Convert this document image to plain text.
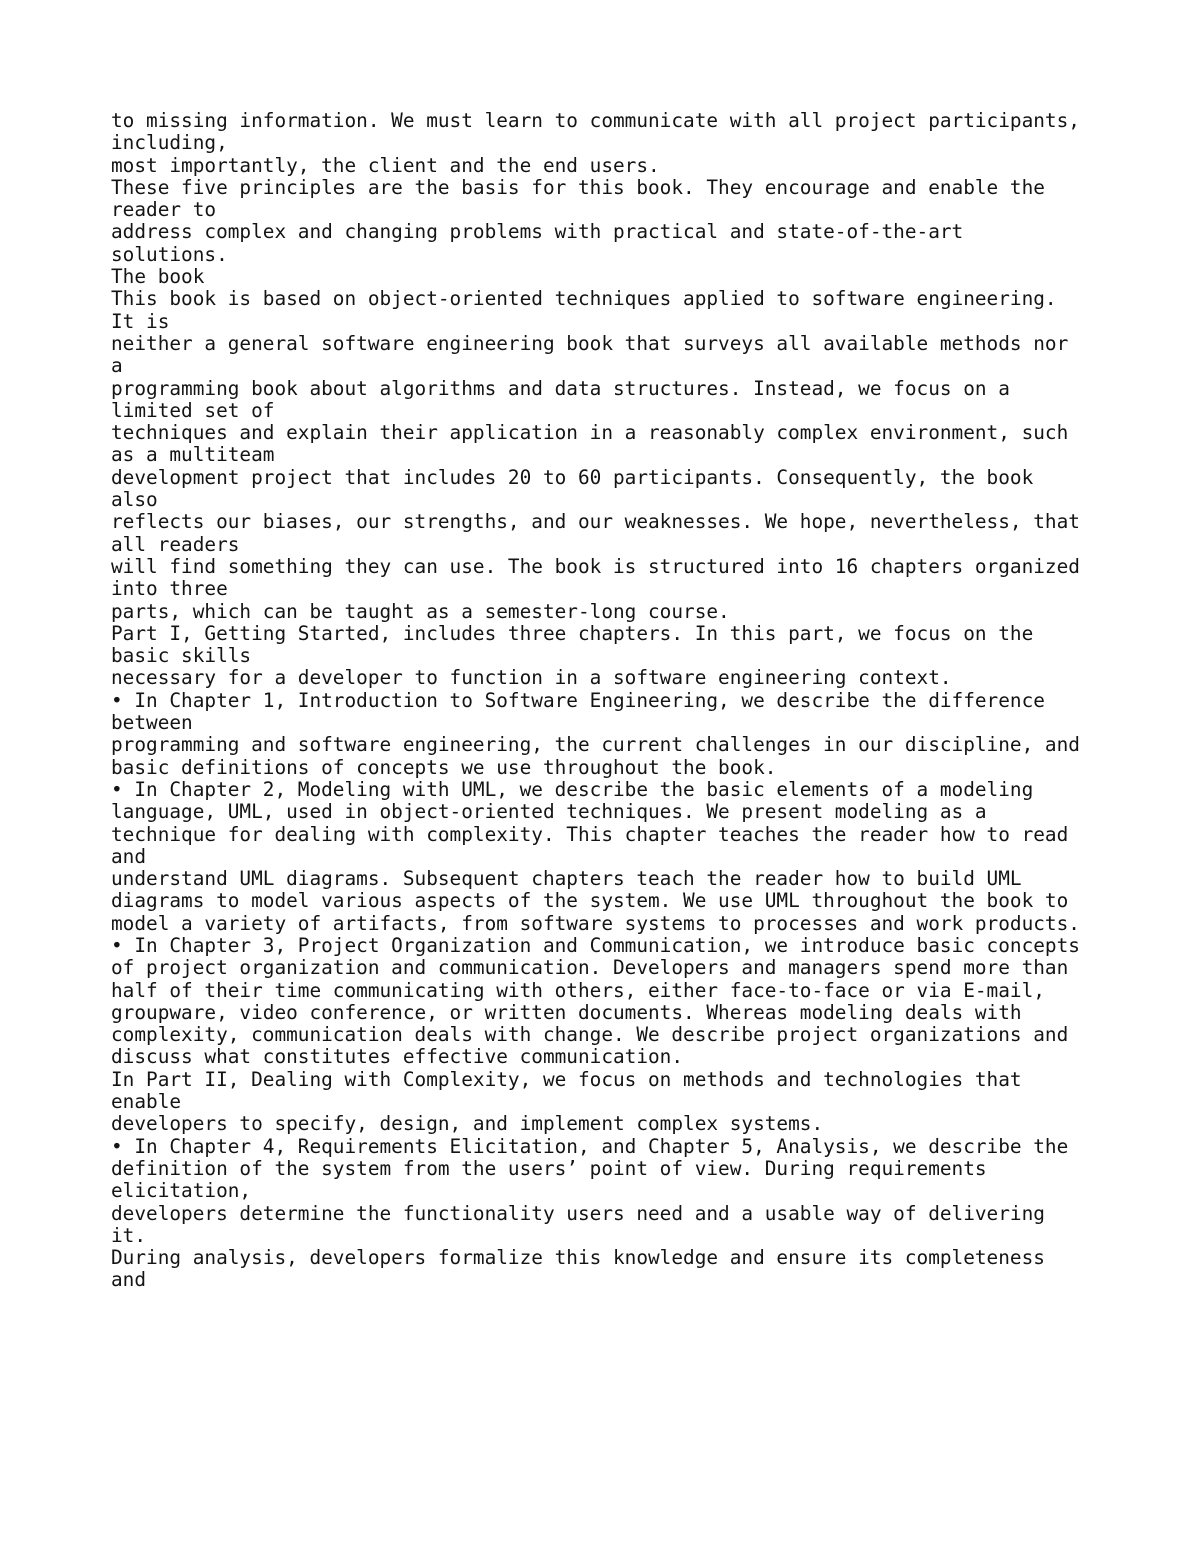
to missing information. We must learn to communicate with all project participants,
including,
most importantly, the client and the end users.
These five principles are the basis for this book. They encourage and enable the
reader to
address complex and changing problems with practical and state-of-the-art
solutions.
The book
This book is based on object-oriented techniques applied to software engineering.
It is
neither a general software engineering book that surveys all available methods nor
a
programming book about algorithms and data structures. Instead, we focus on a
limited set of
techniques and explain their application in a reasonably complex environment, such
as a multiteam
development project that includes 20 to 60 participants. Consequently, the book
also
reflects our biases, our strengths, and our weaknesses. We hope, nevertheless, that
all readers
will find something they can use. The book is structured into 16 chapters organized
into three
parts, which can be taught as a semester-long course.
Part I, Getting Started, includes three chapters. In this part, we focus on the
basic skills
necessary for a developer to function in a software engineering context.
• In Chapter 1, Introduction to Software Engineering, we describe the difference
between
programming and software engineering, the current challenges in our discipline, and
basic definitions of concepts we use throughout the book.
• In Chapter 2, Modeling with UML, we describe the basic elements of a modeling
language, UML, used in object-oriented techniques. We present modeling as a
technique for dealing with complexity. This chapter teaches the reader how to read
and
understand UML diagrams. Subsequent chapters teach the reader how to build UML
diagrams to model various aspects of the system. We use UML throughout the book to
model a variety of artifacts, from software systems to processes and work products.
• In Chapter 3, Project Organization and Communication, we introduce basic concepts
of project organization and communication. Developers and managers spend more than
half of their time communicating with others, either face-to-face or via E-mail,
groupware, video conference, or written documents. Whereas modeling deals with
complexity, communication deals with change. We describe project organizations and
discuss what constitutes effective communication.
In Part II, Dealing with Complexity, we focus on methods and technologies that
enable
developers to specify, design, and implement complex systems.
• In Chapter 4, Requirements Elicitation, and Chapter 5, Analysis, we describe the
definition of the system from the users’ point of view. During requirements
elicitation,
developers determine the functionality users need and a usable way of delivering
it.
During analysis, developers formalize this knowledge and ensure its completeness
and
